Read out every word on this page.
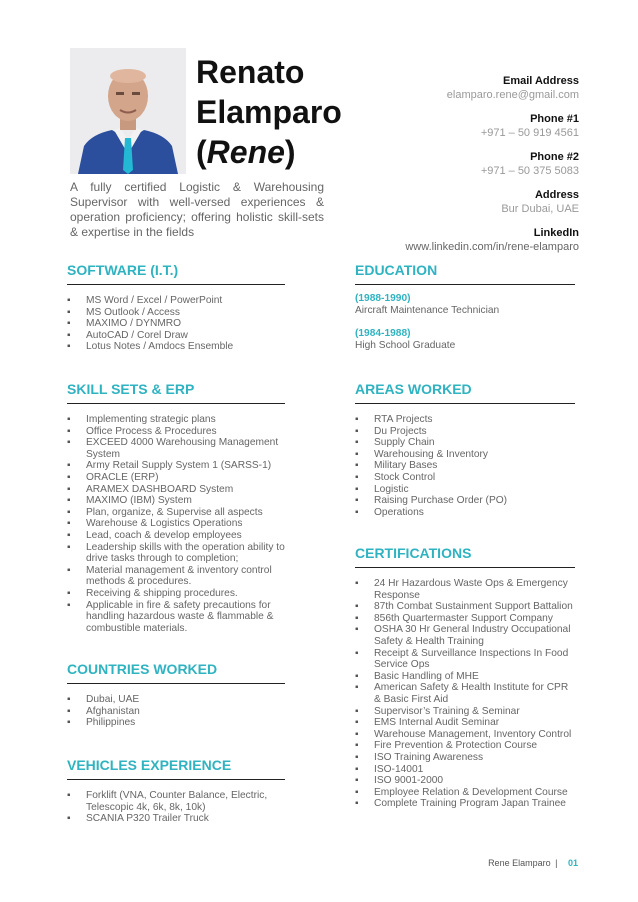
Renato
Elamparo
(Rene)
A fully certified Logistic & Warehousing Supervisor with well-versed experiences & operation proficiency; offering holistic skill-sets & expertise in the fields
Email Address
elamparo.rene@gmail.com
Phone #1
+971 – 50 919 4561
Phone #2
+971 – 50 375 5083
Address
Bur Dubai, UAE
LinkedIn
www.linkedin.com/in/rene-elamparo
SOFTWARE (I.T.)
▪ MS Word / Excel / PowerPoint
▪ MS Outlook / Access
▪ MAXIMO / DYNMRO
▪ AutoCAD / Corel Draw
▪ Lotus Notes / Amdocs Ensemble
SKILL SETS & ERP
▪ Implementing strategic plans
▪ Office Process & Procedures
▪ EXCEED 4000 Warehousing Management System
▪ Army Retail Supply System 1 (SARSS-1)
▪ ORACLE (ERP)
▪ ARAMEX DASHBOARD System
▪ MAXIMO (IBM) System
▪ Plan, organize, & Supervise all aspects
▪ Warehouse & Logistics Operations
▪ Lead, coach & develop employees
▪ Leadership skills with the operation ability to drive tasks through to completion;
▪ Material management & inventory control methods & procedures.
▪ Receiving & shipping procedures.
▪ Applicable in fire & safety precautions for handling hazardous waste & flammable & combustible materials.
COUNTRIES WORKED
▪ Dubai, UAE
▪ Afghanistan
▪ Philippines
VEHICLES EXPERIENCE
▪ Forklift (VNA, Counter Balance, Electric, Telescopic 4k, 6k, 8k, 10k)
▪ SCANIA P320 Trailer Truck
EDUCATION
(1988-1990)
Aircraft Maintenance Technician
(1984-1988)
High School Graduate
AREAS WORKED
▪ RTA Projects
▪ Du Projects
▪ Supply Chain
▪ Warehousing & Inventory
▪ Military Bases
▪ Stock Control
▪ Logistic
▪ Raising Purchase Order (PO)
▪ Operations
CERTIFICATIONS
▪ 24 Hr Hazardous Waste Ops & Emergency Response
▪ 87th Combat Sustainment Support Battalion
▪ 856th Quartermaster Support Company
▪ OSHA 30 Hr General Industry Occupational Safety & Health Training
▪ Receipt & Surveillance Inspections In Food Service Ops
▪ Basic Handling of MHE
▪ American Safety & Health Institute for CPR & Basic First Aid
▪ Supervisor’s Training & Seminar
▪ EMS Internal Audit Seminar
▪ Warehouse Management, Inventory Control
▪ Fire Prevention & Protection Course
▪ ISO Training Awareness
▪ ISO-14001
▪ ISO 9001-2000
▪ Employee Relation & Development Course
▪ Complete Training Program Japan Trainee
Rene Elamparo | 01
